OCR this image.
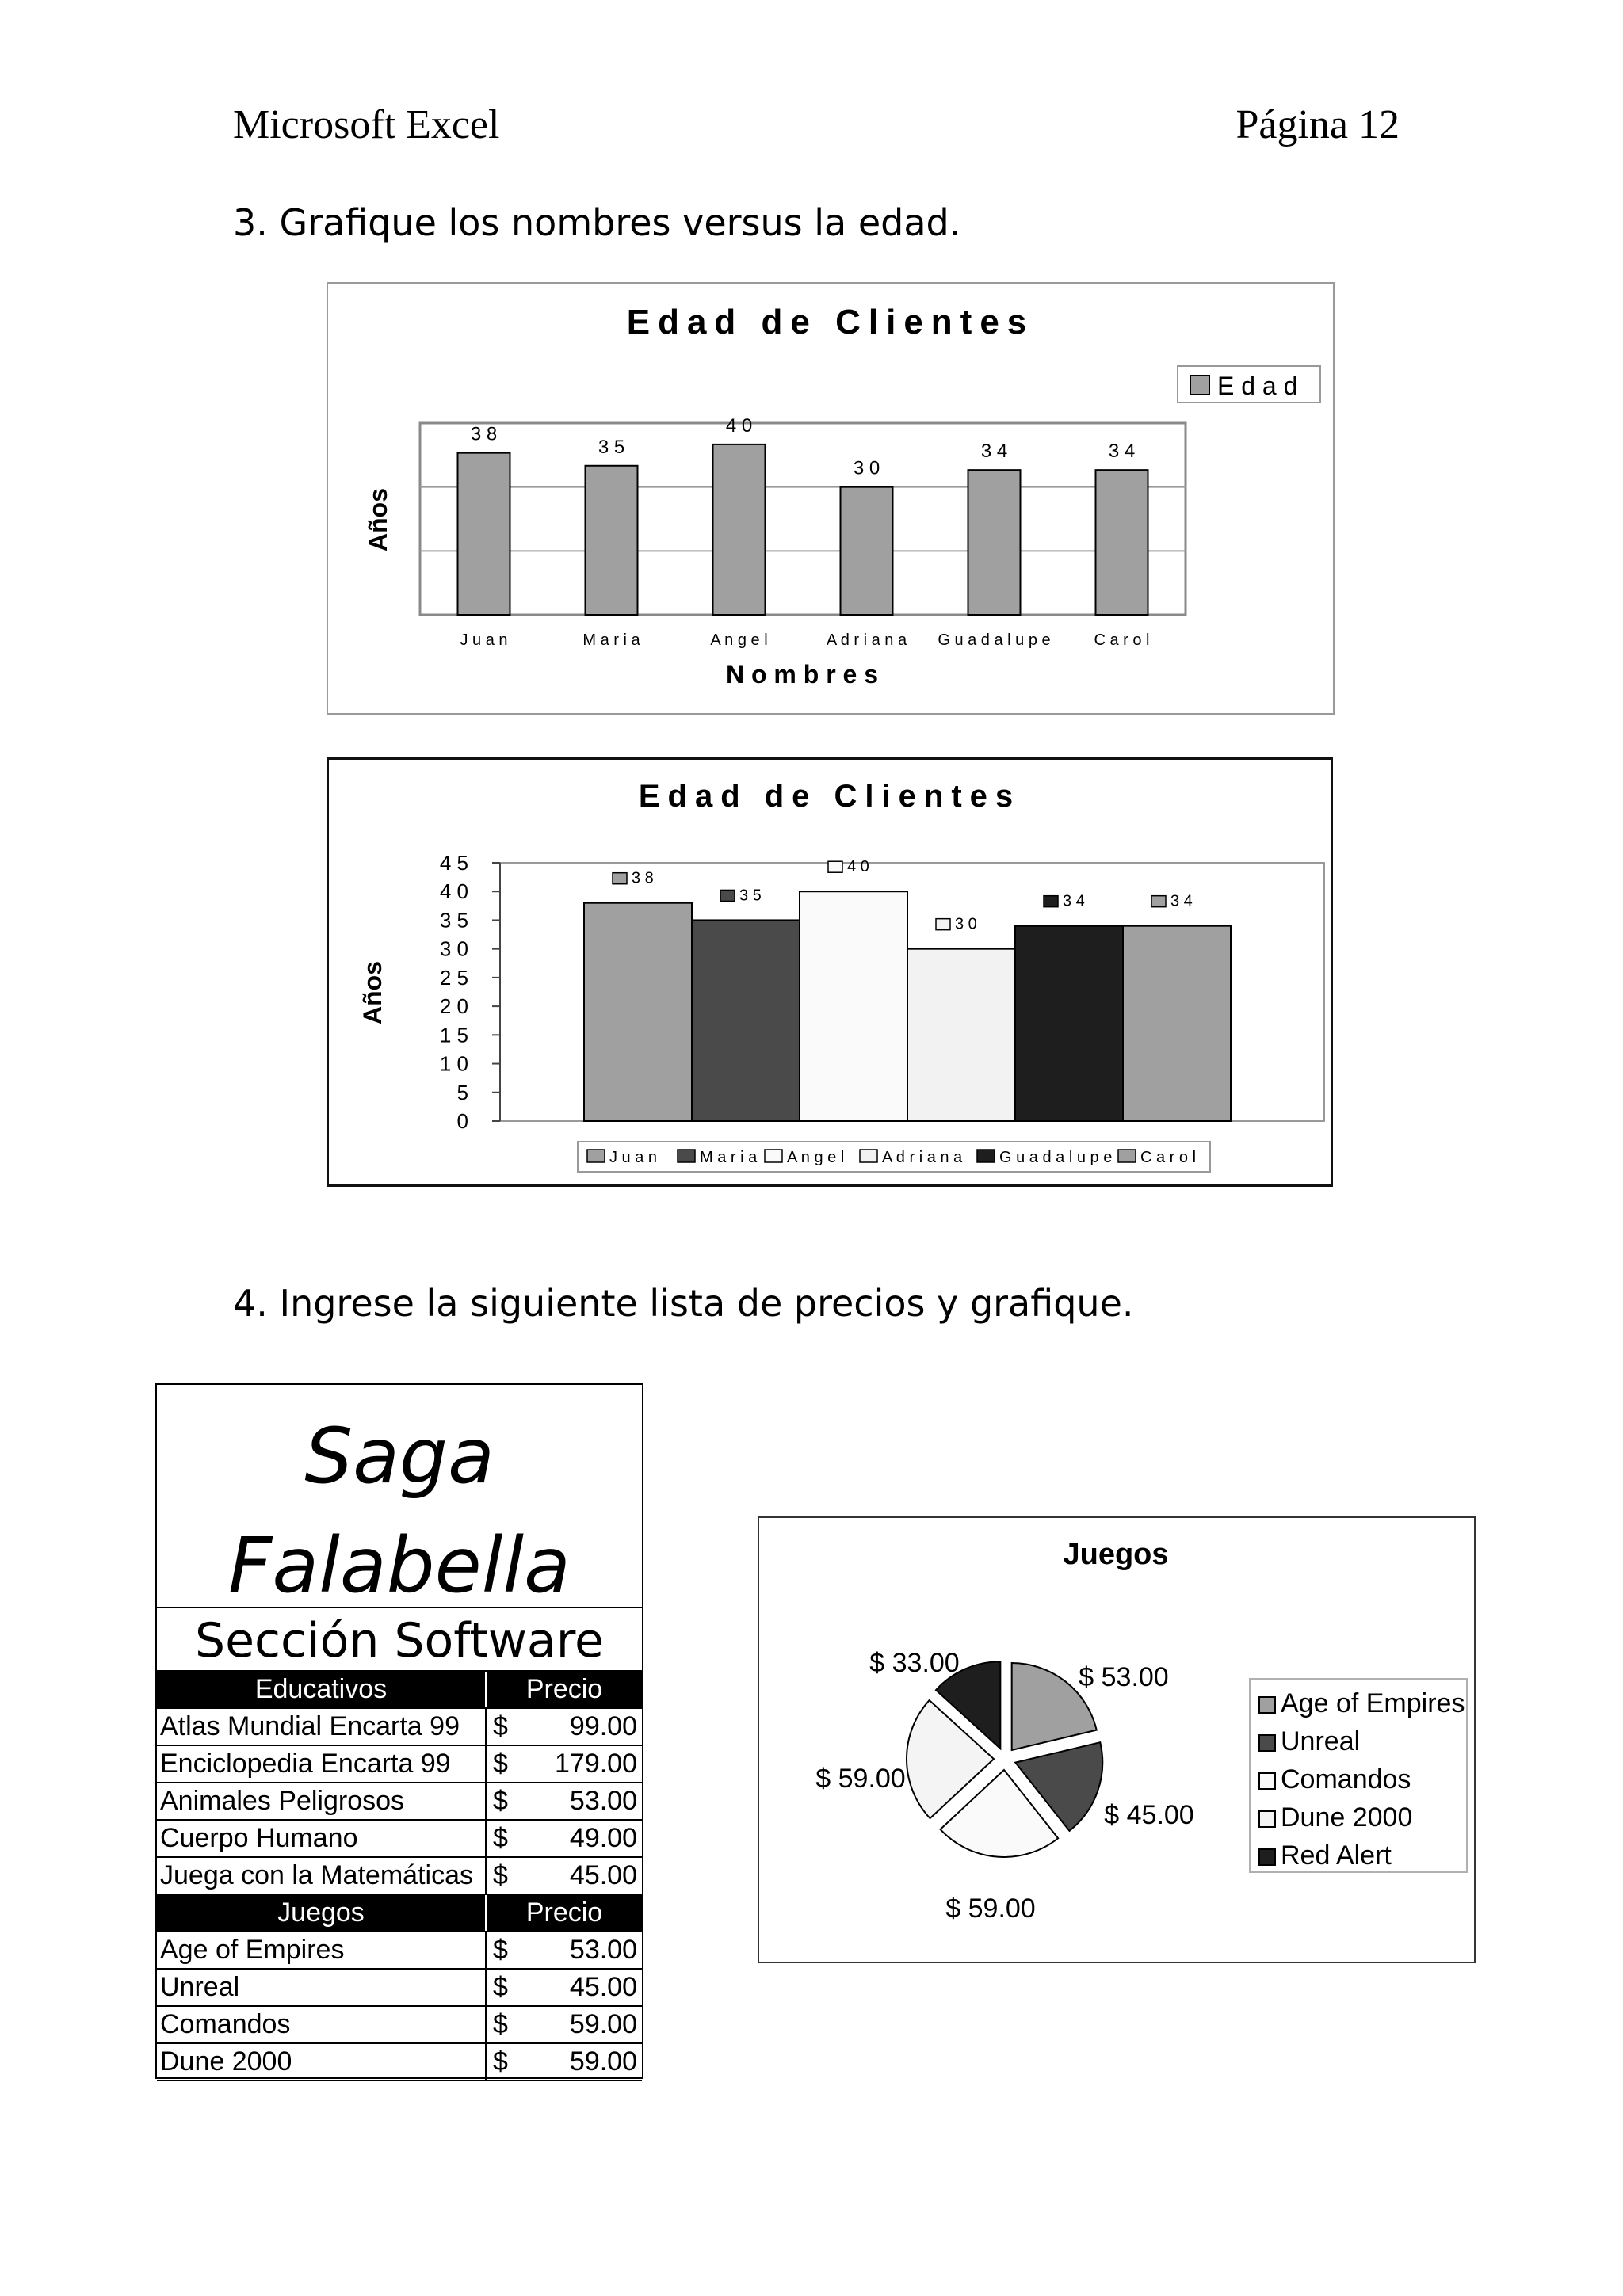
Microsoft Excel	Página 12
3. Grafique los nombres versus la edad.
Edad de Clientes
3 8
J u a n
3 5
M a r i a
4 0
A n g e l
3 0
A d r i a n a
3 4
G u a d a l u p e
3 4
C a r o l
N o m b r e s
Años
E d a d
Edad de Clientes
0
5
1 0
1 5
2 0
2 5
3 0
3 5
4 0
4 5
3 8
3 5
4 0
3 0
3 4	3 4
Años
J u a n	M a r i a A n g e l A d r i a n a G u a d a l u p e C a r o l
4. Ingrese la siguiente lista de precios y grafique.
Saga
Falabella
Sección Software
Educativos	Precio
Atlas Mundial Encarta 99	$ 99.00
Enciclopedia Encarta 99	$ 179.00
Animales Peligrosos	$ 53.00
Cuerpo Humano	$ 49.00
Juega con la Matemáticas $ 45.00
Juegos	Precio
Age of Empires	$ 53.00
Unreal	$ 45.00
Comandos	$ 59.00
Dune 2000	$ 59.00
Juegos
$ 53.00
$ 45.00
$ 59.00
$ 59.00
$ 33.00
Age of Empires
Unreal
Comandos
Dune 2000
Red Alert
